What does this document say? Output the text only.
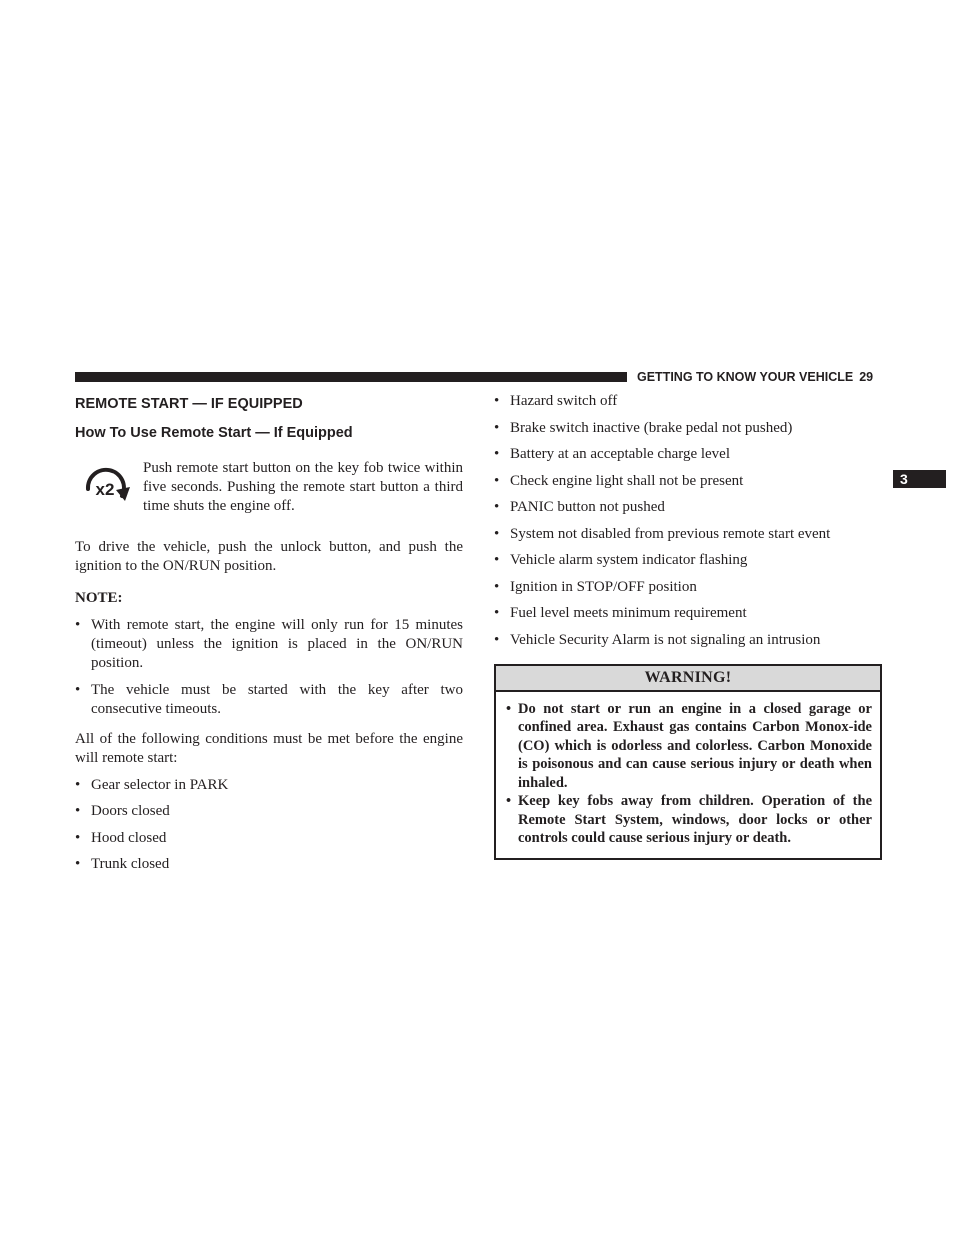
GETTING TO KNOW YOUR VEHICLE 29
3
REMOTE START — IF EQUIPPED
How To Use Remote Start — If Equipped
x2
Push remote start button on the key fob twice within five seconds. Pushing the remote start button a third time shuts the engine off.

To drive the vehicle, push the unlock button, and push the ignition to the ON/RUN position.

NOTE:

• With remote start, the engine will only run for 15 minutes (timeout) unless the ignition is placed in the ON/RUN position.
• The vehicle must be started with the key after two consecutive timeouts.

All of the following conditions must be met before the engine will remote start:

• Gear selector in PARK
• Doors closed
• Hood closed
• Trunk closed
• Hazard switch off
• Brake switch inactive (brake pedal not pushed)
• Battery at an acceptable charge level
• Check engine light shall not be present
• PANIC button not pushed
• System not disabled from previous remote start event
• Vehicle alarm system indicator flashing
• Ignition in STOP/OFF position
• Fuel level meets minimum requirement
• Vehicle Security Alarm is not signaling an intrusion
WARNING!
• Do not start or run an engine in a closed garage or confined area. Exhaust gas contains Carbon Monox-ide (CO) which is odorless and colorless. Carbon Monoxide is poisonous and can cause serious injury or death when inhaled.
• Keep key fobs away from children. Operation of the Remote Start System, windows, door locks or other controls could cause serious injury or death.
